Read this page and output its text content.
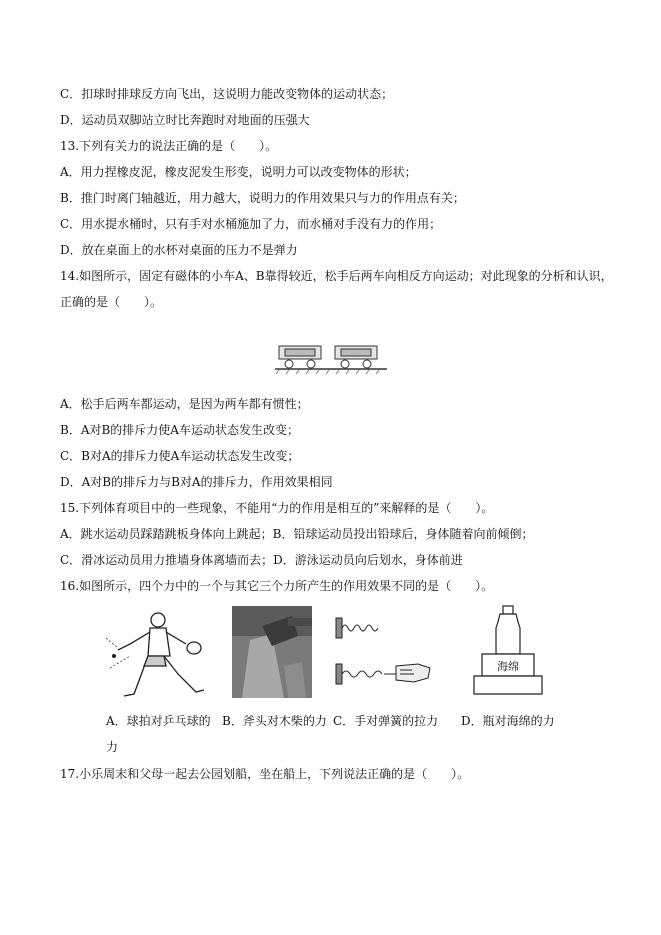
C．扣球时排球反方向飞出，这说明力能改变物体的运动状态；
D．运动员双脚站立时比奔跑时对地面的压强大
13.下列有关力的说法正确的是（　　）。
A．用力捏橡皮泥，橡皮泥发生形变，说明力可以改变物体的形状；
B．推门时离门轴越近，用力越大，说明力的作用效果只与力的作用点有关；
C．用水提水桶时，只有手对水桶施加了力，而水桶对手没有力的作用；
D．放在桌面上的水杯对桌面的压力不是弹力
14.如图所示，固定有磁体的小车A、B靠得较近，松手后两车向相反方向运动；对此现象的分析和认识，
正确的是（　　）。
A．松手后两车都运动，是因为两车都有惯性；
B．A对B的排斥力使A车运动状态发生改变；
C．B对A的排斥力使A车运动状态发生改变；
D．A对B的排斥力与B对A的排斥力，作用效果相同
15.下列体育项目中的一些现象，不能用“力的作用是相互的”来解释的是（　　）。
A．跳水运动员踩踏跳板身体向上跳起；B．铅球运动员投出铅球后，身体随着向前倾倒；
C．滑冰运动员用力推墙身体离墙而去；D．游泳运动员向后划水，身体前进
16.如图所示，四个力中的一个与其它三个力所产生的作用效果不同的是（　　）。
海绵
A．球拍对乒乓球的 B．斧头对木柴的力 C．手对弹簧的拉力 D．瓶对海绵的力
力
17.小乐周末和父母一起去公园划船，坐在船上，下列说法正确的是（　　）。
